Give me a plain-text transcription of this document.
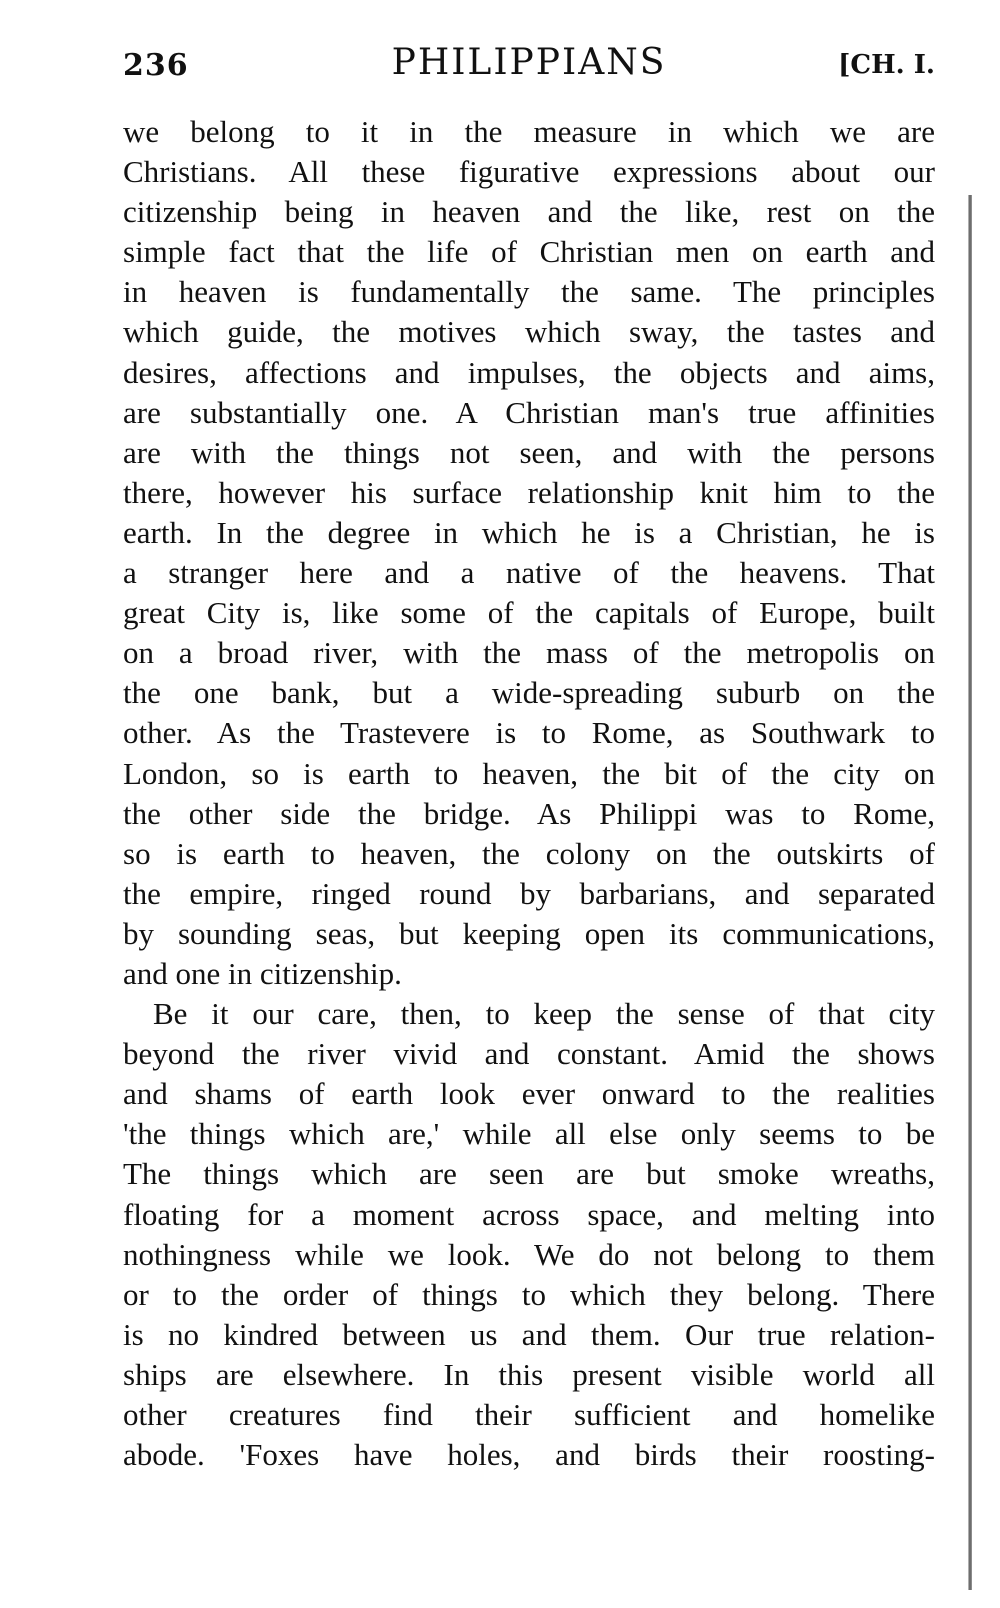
236	PHILIPPIANS	[CH. I.
we belong to it in the measure in which we are
Christians. All these figurative expressions about our
citizenship being in heaven and the like, rest on the
simple fact that the life of Christian men on earth and
in heaven is fundamentally the same. The principles
which guide, the motives which sway, the tastes and
desires, affections and impulses, the objects and aims,
are substantially one. A Christian man's true affinities
are with the things not seen, and with the persons
there, however his surface relationship knit him to the
earth. In the degree in which he is a Christian, he is
a stranger here and a native of the heavens. That
great City is, like some of the capitals of Europe, built
on a broad river, with the mass of the metropolis on
the one bank, but a wide-spreading suburb on the
other. As the Trastevere is to Rome, as Southwark to
London, so is earth to heaven, the bit of the city on
the other side the bridge. As Philippi was to Rome,
so is earth to heaven, the colony on the outskirts of
the empire, ringed round by barbarians, and separated
by sounding seas, but keeping open its communications,
and one in citizenship.
Be it our care, then, to keep the sense of that city
beyond the river vivid and constant. Amid the shows
and shams of earth look ever onward to the realities
'the things which are,' while all else only seems to be
The things which are seen are but smoke wreaths,
floating for a moment across space, and melting into
nothingness while we look. We do not belong to them
or to the order of things to which they belong. There
is no kindred between us and them. Our true relation-
ships are elsewhere. In this present visible world all
other creatures find their sufficient and homelike
abode. 'Foxes have holes, and birds their roosting-
